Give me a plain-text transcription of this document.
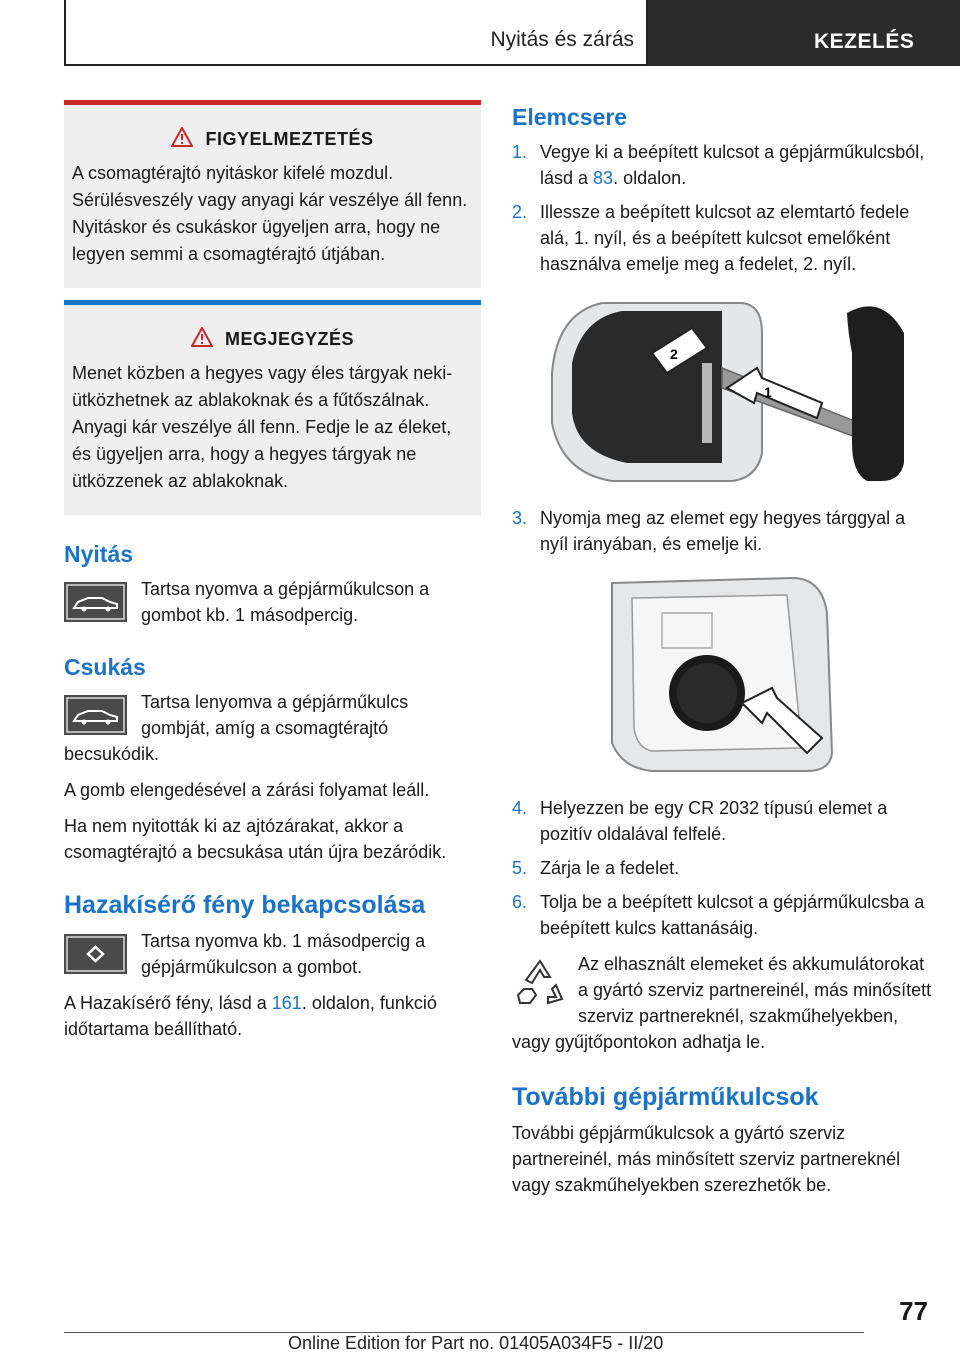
Nyitás és zárás	KEZELÉS
FIGYELMEZTETÉS

A csomagtérajtó nyitáskor kifelé mozdul. Sérülésveszély vagy anyagi kár veszélye áll fenn. Nyitáskor és csukáskor ügyeljen arra, hogy ne legyen semmi a csomagtérajtó útjában.

MEGJEGYZÉS

Menet közben a hegyes vagy éles tárgyak nekiütközhetnek az ablakoknak és a fűtőszálnak. Anyagi kár veszélye áll fenn. Fedje le az éleket, és ügyeljen arra, hogy a hegyes tárgyak ne ütközzenek az ablakoknak.

Nyitás
Tartsa nyomva a gépjárműkulcson a gombot kb. 1 másodpercig.
Csukás
Tartsa lenyomva a gépjárműkulcs gombját, amíg a csomagtérajtó becsukódik.

A gomb elengedésével a zárási folyamat leáll.

Ha nem nyitották ki az ajtózárakat, akkor a csomagtérajtó a becsukása után újra bezáródik.

Hazakísérő fény bekapcsolása
Tartsa nyomva kb. 1 másodpercig a gépjárműkulcson a gombot.

A Hazakísérő fény, lásd a 161. oldalon, funkció időtartama beállítható.

Elemcsere
1. Vegye ki a beépített kulcsot a gépjárműkulcsból, lásd a 83. oldalon.
2. Illessze a beépített kulcsot az elemtartó fedele alá, 1. nyíl, és a beépített kulcsot emelőként használva emelje meg a fedelet, 2. nyíl.
2
1
3. Nyomja meg az elemet egy hegyes tárggyal a nyíl irányában, és emelje ki.
4. Helyezzen be egy CR 2032 típusú elemet a pozitív oldalával felfelé.
5. Zárja le a fedelet.
6. Tolja be a beépített kulcsot a gépjárműkulcsba a beépített kulcs kattanásáig.
Az elhasznált elemeket és akkumulátorokat a gyártó szerviz partnereinél, más minősített szerviz partnereknél, szakműhelyekben, vagy gyűjtőpontokon adhatja le.
További gépjárműkulcsok

További gépjárműkulcsok a gyártó szerviz partnereinél, más minősített szerviz partnereknél vagy szakműhelyekben szerezhetők be.

77
Online Edition for Part no. 01405A034F5 - II/20
